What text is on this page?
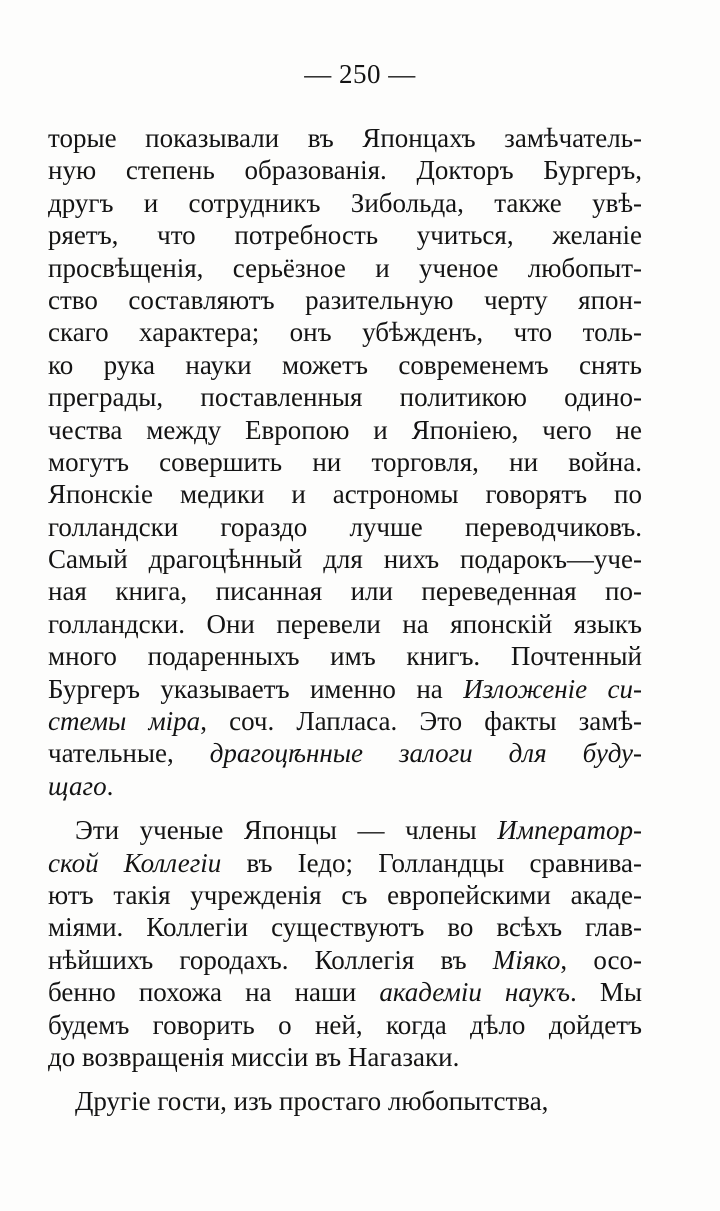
— 250 —
торые показывали въ Японцахъ замѣчатель-
ную степень образованія. Докторъ Бургеръ,
другъ и сотрудникъ Зибольда, также увѣ-
ряетъ, что потребность учиться, желаніе
просвѣщенія, серьёзное и ученое любопыт-
ство составляютъ разительную черту япон-
скаго характера; онъ убѣжденъ, что толь-
ко рука науки можетъ современемъ снять
преграды, поставленныя политикою одино-
чества между Европою и Японіею, чего не
могутъ совершить ни торговля, ни война.
Японскіе медики и астрономы говорятъ по
голландски гораздо лучше переводчиковъ.
Самый драгоцѣнный для нихъ подарокъ—уче-
ная книга, писанная или переведенная по-
голландски. Они перевели на японскій языкъ
много подаренныхъ имъ книгъ. Почтенный
Бургеръ указываетъ именно на Изложеніе си-
стемы міра, соч. Лапласа. Это факты замѣ-
чательные, драгоцѣнные залоги для буду-
щаго.
Эти ученые Японцы — члены Император-
ской Коллегіи въ Іедо; Голландцы сравнива-
ютъ такія учрежденія съ европейскими акаде-
міями. Коллегіи существуютъ во всѣхъ глав-
нѣйшихъ городахъ. Коллегія въ Міяко, осо-
бенно похожа на наши академіи наукъ. Мы
будемъ говорить о ней, когда дѣло дойдетъ
до возвращенія миссіи въ Нагазаки.
Другіе гости, изъ простаго любопытства,
